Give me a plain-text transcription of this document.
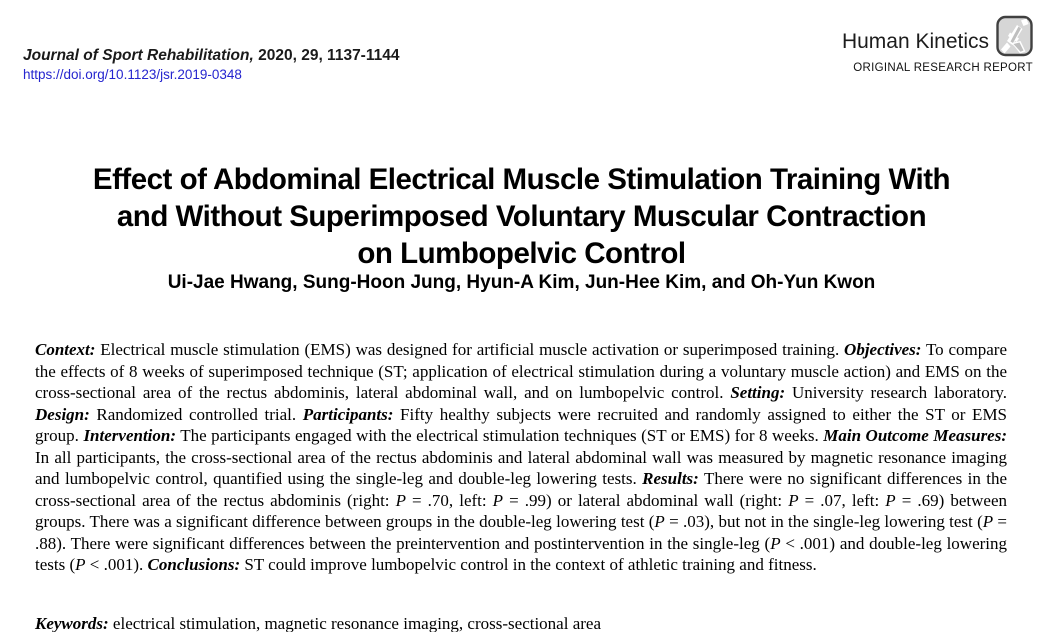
Journal of Sport Rehabilitation, 2020, 29, 1137-1144
https://doi.org/10.1123/jsr.2019-0348
Human Kinetics
ORIGINAL RESEARCH REPORT
Effect of Abdominal Electrical Muscle Stimulation Training With
and Without Superimposed Voluntary Muscular Contraction
on Lumbopelvic Control
Ui-Jae Hwang, Sung-Hoon Jung, Hyun-A Kim, Jun-Hee Kim, and Oh-Yun Kwon

Context: Electrical muscle stimulation (EMS) was designed for artificial muscle activation or superimposed training. Objectives: To compare the effects of 8 weeks of superimposed technique (ST; application of electrical stimulation during a voluntary muscle action) and EMS on the cross-sectional area of the rectus abdominis, lateral abdominal wall, and on lumbopelvic control. Setting: University research laboratory. Design: Randomized controlled trial. Participants: Fifty healthy subjects were recruited and randomly assigned to either the ST or EMS group. Intervention: The participants engaged with the electrical stimulation techniques (ST or EMS) for 8 weeks. Main Outcome Measures: In all participants, the cross-sectional area of the rectus abdominis and lateral abdominal wall was measured by magnetic resonance imaging and lumbopelvic control, quantified using the single-leg and double-leg lowering tests. Results: There were no significant differences in the cross-sectional area of the rectus abdominis (right: P = .70, left: P = .99) or lateral abdominal wall (right: P = .07, left: P = .69) between groups. There was a significant difference between groups in the double-leg lowering test (P = .03), but not in the single-leg lowering test (P = .88). There were significant differences between the preintervention and postintervention in the single-leg (P < .001) and double-leg lowering tests (P < .001). Conclusions: ST could improve lumbopelvic control in the context of athletic training and fitness.

Keywords: electrical stimulation, magnetic resonance imaging, cross-sectional area
